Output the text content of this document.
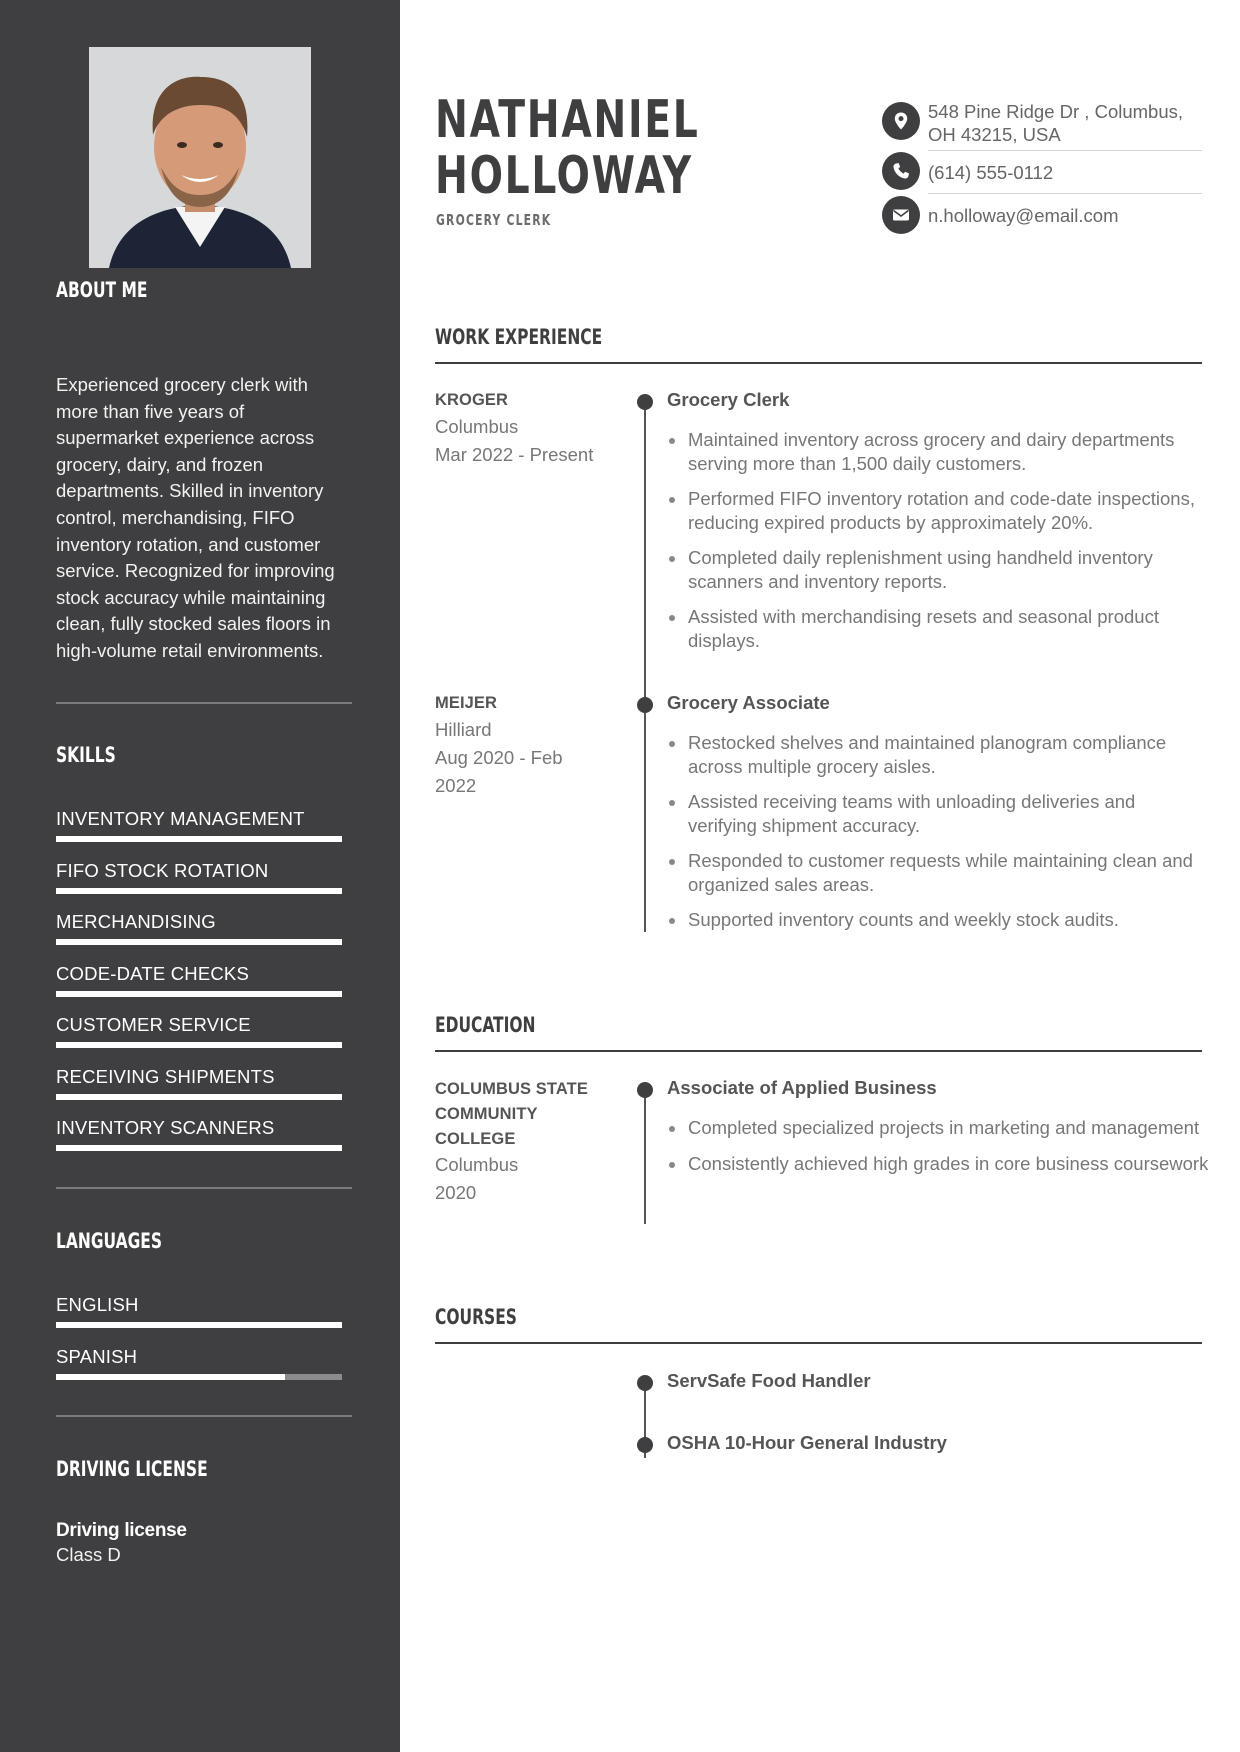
ABOUT ME

Experienced grocery clerk with more than five years of supermarket experience across grocery, dairy, and frozen departments. Skilled in inventory control, merchandising, FIFO inventory rotation, and customer service. Recognized for improving stock accuracy while maintaining clean, fully stocked sales floors in high-volume retail environments.

SKILLS
INVENTORY MANAGEMENT
FIFO STOCK ROTATION
MERCHANDISING
CODE-DATE CHECKS
CUSTOMER SERVICE
RECEIVING SHIPMENTS
INVENTORY SCANNERS
LANGUAGES
ENGLISH
SPANISH
DRIVING LICENSE
Driving license
Class D
NATHANIEL
HOLLOWAY
GROCERY CLERK
548 Pine Ridge Dr , Columbus,
OH 43215, USA
(614) 555-0112
n.holloway@email.com
WORK EXPERIENCE
KROGER
Columbus
Mar 2022 - Present
Grocery Clerk
Maintained inventory across grocery and dairy departments serving more than 1,500 daily customers.
Performed FIFO inventory rotation and code-date inspections, reducing expired products by approximately 20%.
Completed daily replenishment using handheld inventory scanners and inventory reports.
Assisted with merchandising resets and seasonal product displays.
MEIJER
Hilliard
Aug 2020 - Feb 2022
Grocery Associate
Restocked shelves and maintained planogram compliance across multiple grocery aisles.
Assisted receiving teams with unloading deliveries and verifying shipment accuracy.
Responded to customer requests while maintaining clean and organized sales areas.
Supported inventory counts and weekly stock audits.
EDUCATION
COLUMBUS STATE COMMUNITY COLLEGE
Columbus
2020
Associate of Applied Business
Completed specialized projects in marketing and management
Consistently achieved high grades in core business coursework
COURSES
ServSafe Food Handler
OSHA 10-Hour General Industry
